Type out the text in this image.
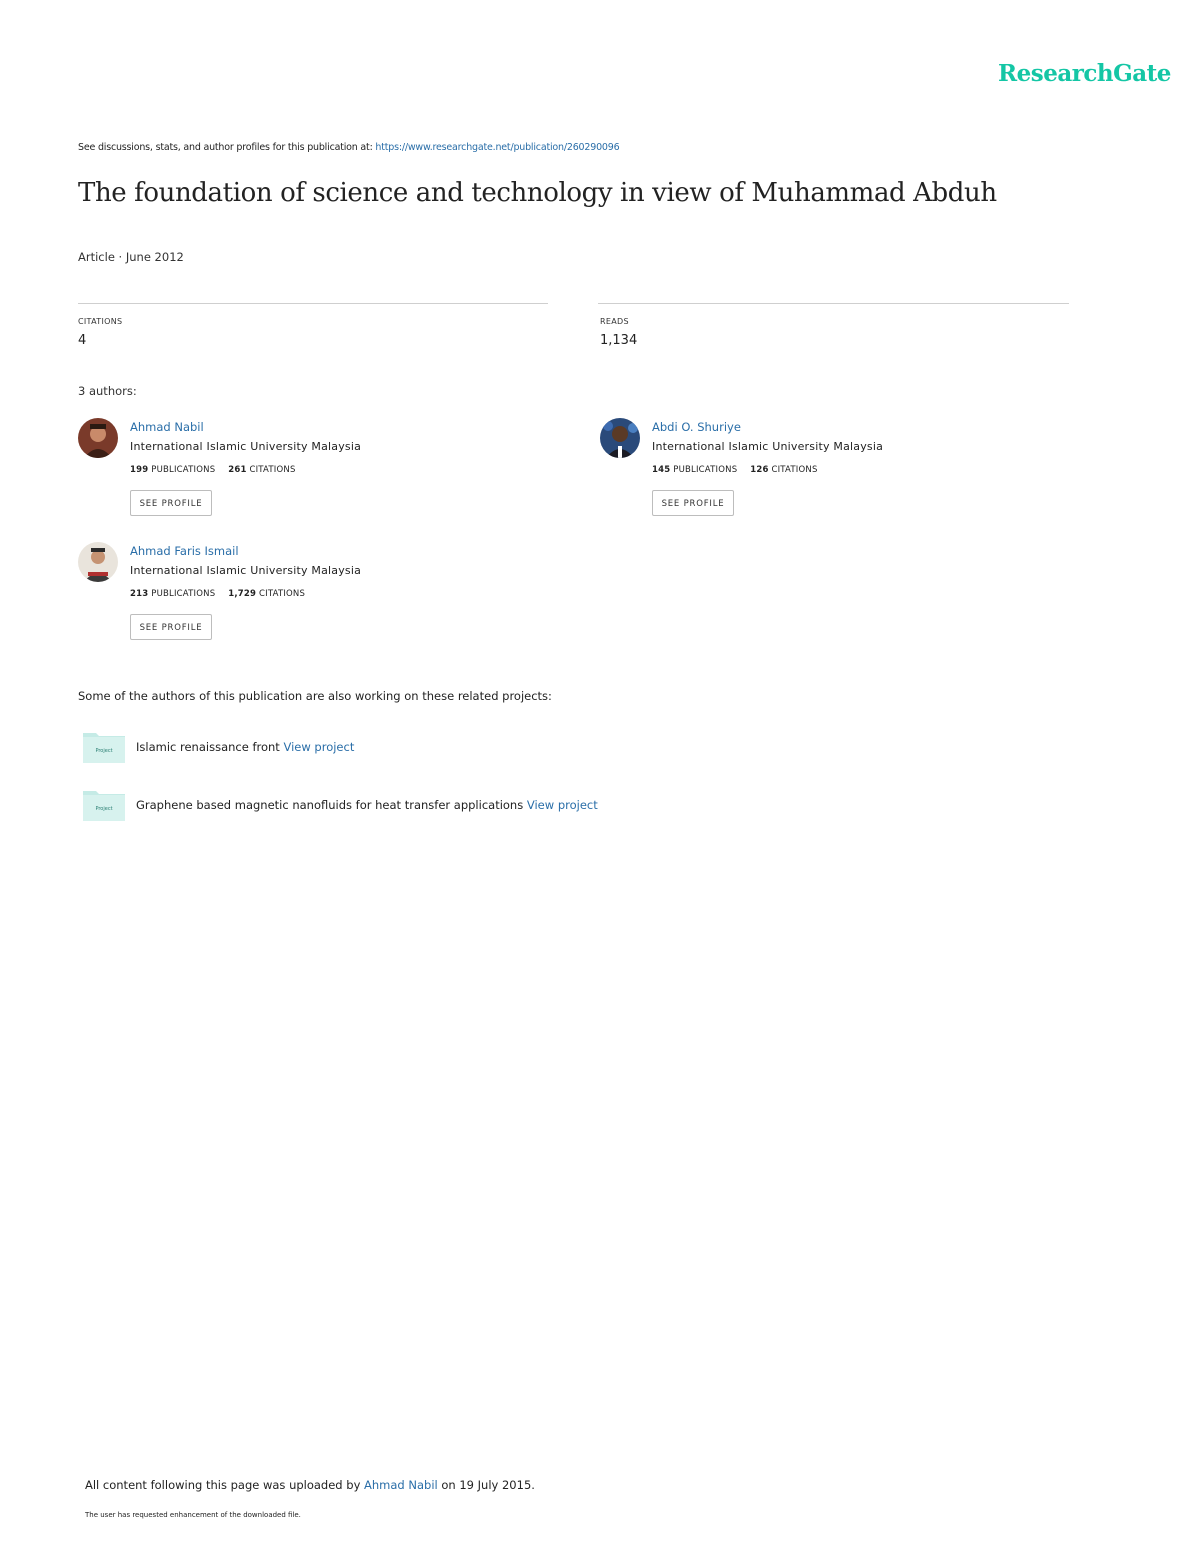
ResearchGate
See discussions, stats, and author profiles for this publication at: https://www.researchgate.net/publication/260290096
The foundation of science and technology in view of Muhammad Abduh
Article · June 2012
CITATIONS
4
READS
1,134
3 authors:
Ahmad Nabil
International Islamic University Malaysia
199 PUBLICATIONS 261 CITATIONS
SEE PROFILE
Abdi O. Shuriye
International Islamic University Malaysia
145 PUBLICATIONS 126 CITATIONS
SEE PROFILE
Ahmad Faris Ismail
International Islamic University Malaysia
213 PUBLICATIONS 1,729 CITATIONS
SEE PROFILE
Some of the authors of this publication are also working on these related projects:
Project Islamic renaissance front View project
Project Graphene based magnetic nanofluids for heat transfer applications View project
All content following this page was uploaded by Ahmad Nabil on 19 July 2015.
The user has requested enhancement of the downloaded file.
